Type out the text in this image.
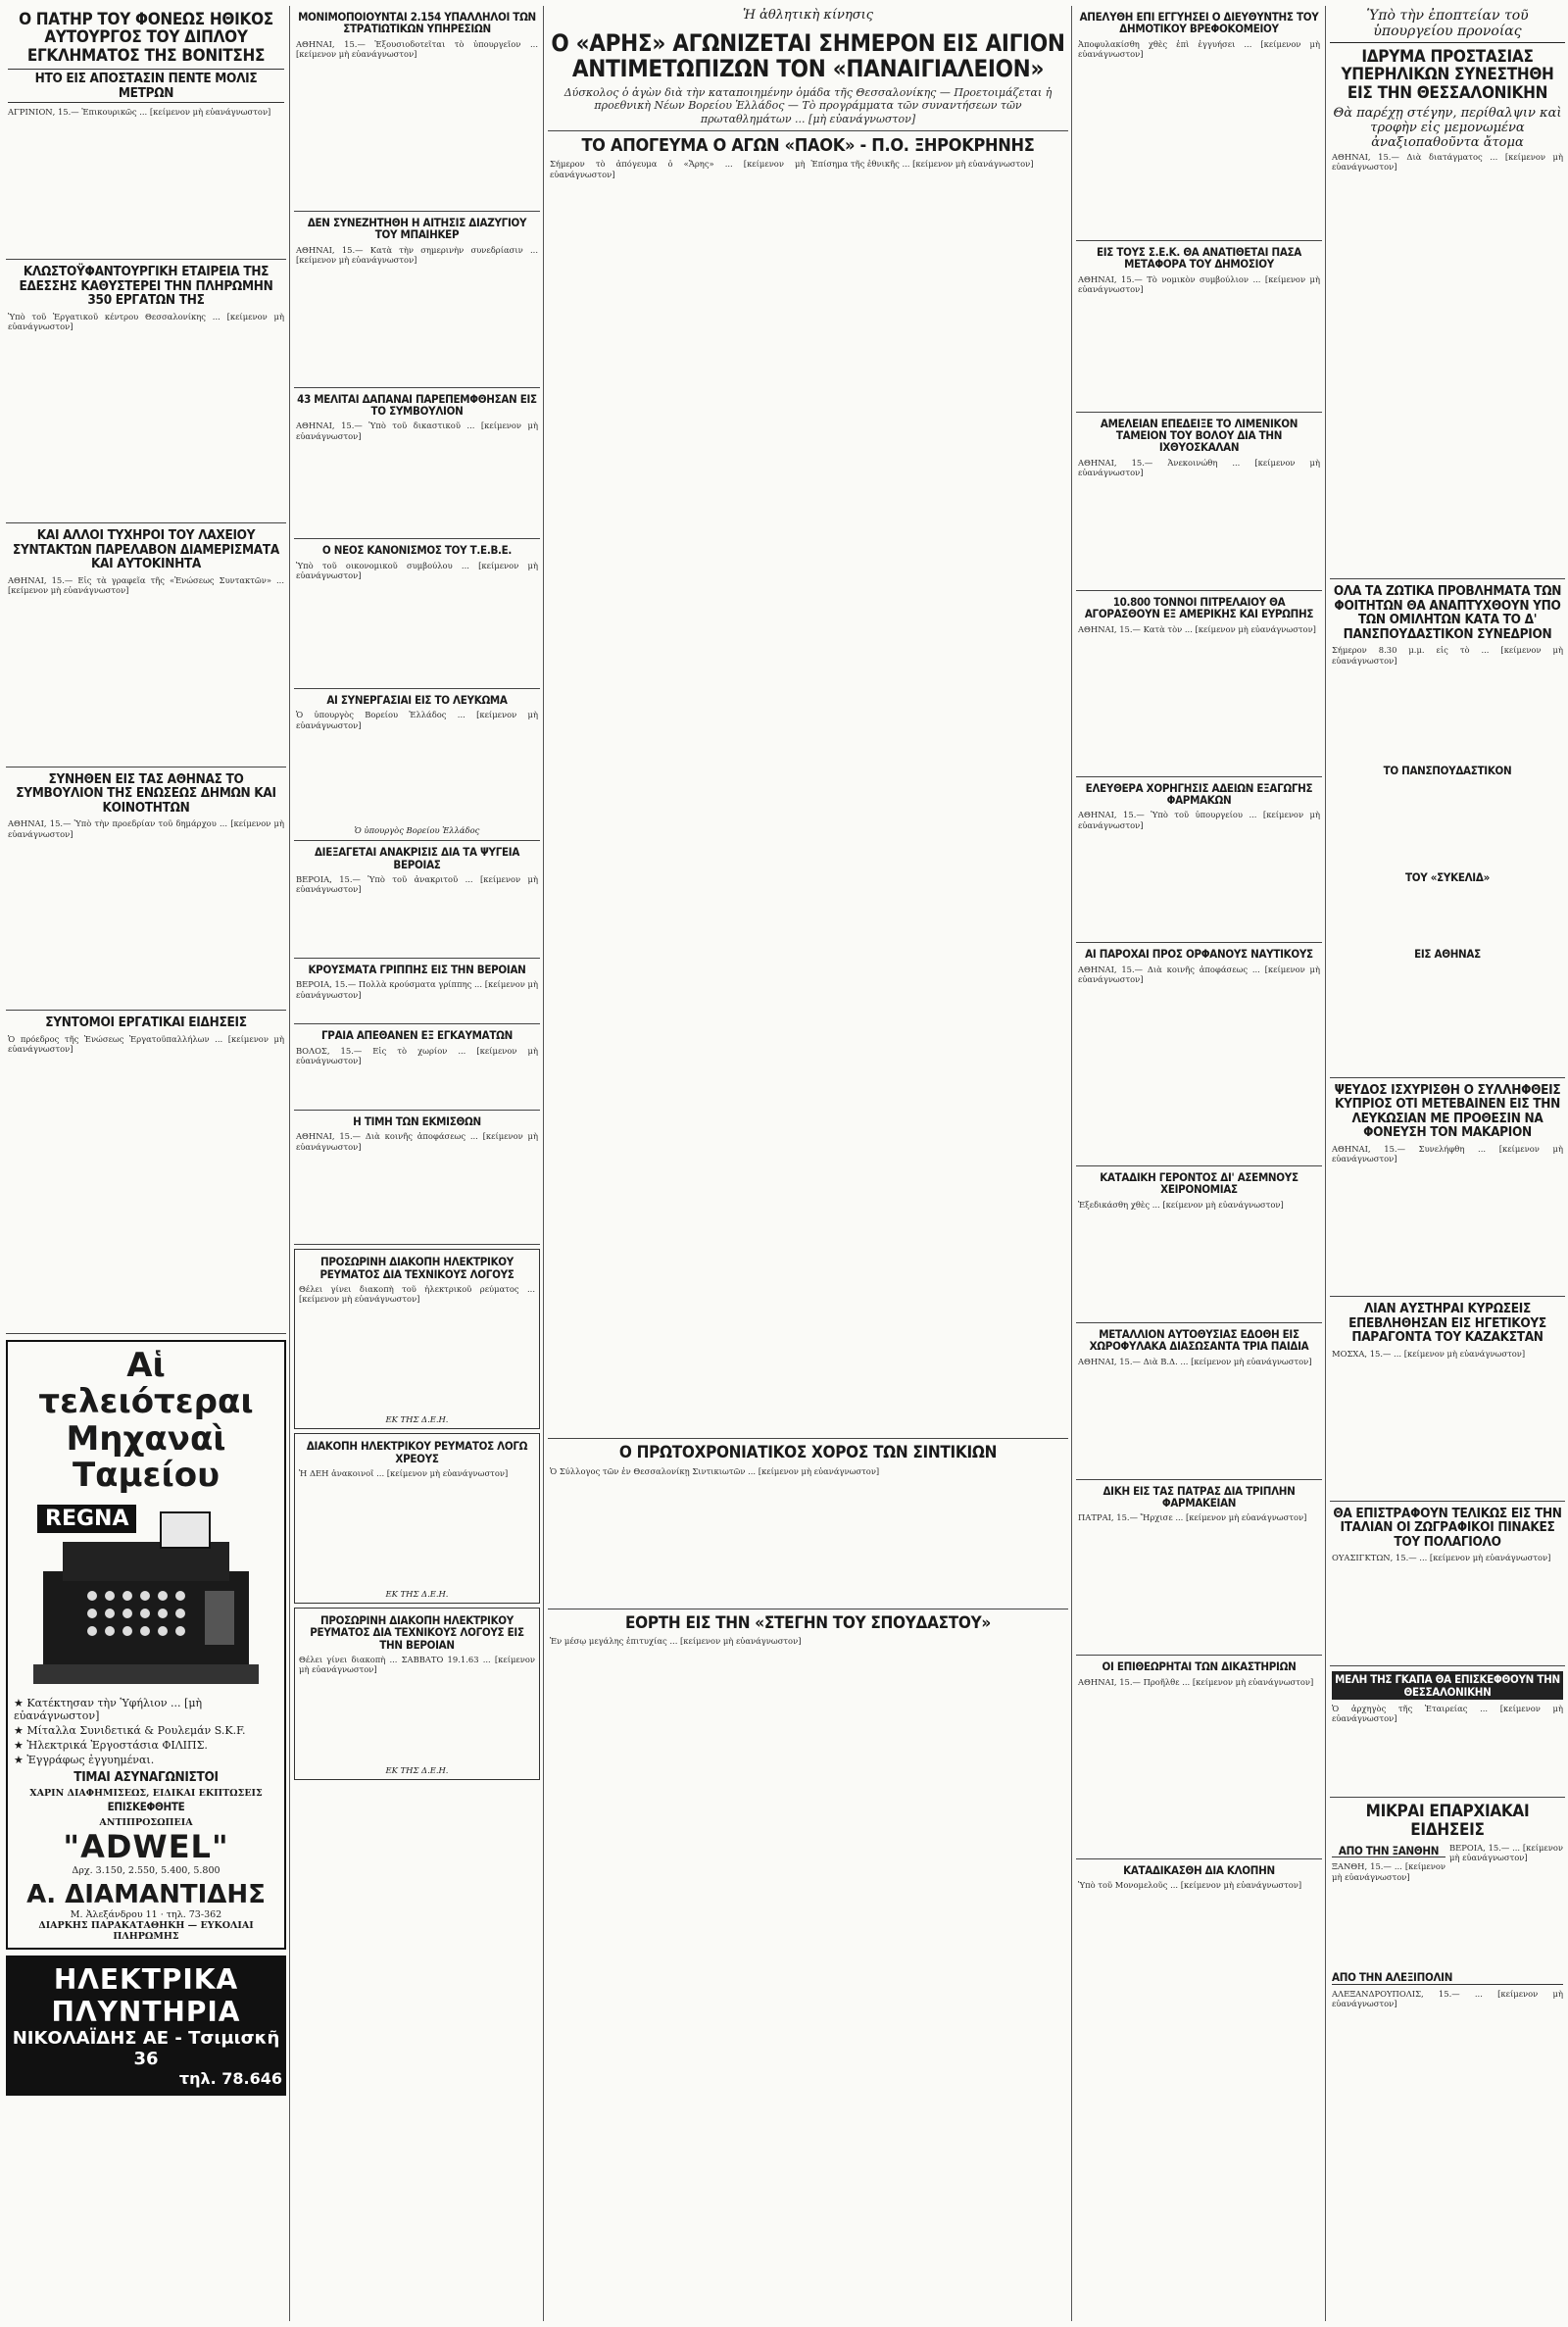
Ο ΠΑΤΗΡ ΤΟΥ ΦΟΝΕΩΣ ΗΘΙΚΟΣ ΑΥΤΟΥΡΓΟΣ ΤΟΥ ΔΙΠΛΟΥ ΕΓΚΛΗΜΑΤΟΣ ΤΗΣ ΒΟΝΙΤΣΗΣ
ΗΤΟ ΕΙΣ ΑΠΟΣΤΑΣΙΝ ΠΕΝΤΕ ΜΟΛΙΣ ΜΕΤΡΩΝ

ΑΓΡΙΝΙΟΝ, 15.— Ἐπικουρικῶς ... [κείμενον μὴ εὐανάγνωστον]

ΚΛΩΣΤΟΫΦΑΝΤΟΥΡΓΙΚΗ ΕΤΑΙΡΕΙΑ ΤΗΣ ΕΔΕΣΣΗΣ ΚΑΘΥΣΤΕΡΕΙ ΤΗΝ ΠΛΗΡΩΜΗΝ 350 ΕΡΓΑΤΩΝ ΤΗΣ

Ὑπὸ τοῦ Ἐργατικοῦ κέντρου Θεσσαλονίκης ... [κείμενον μὴ εὐανάγνωστον]

ΚΑΙ ΑΛΛΟΙ ΤΥΧΗΡΟΙ ΤΟΥ ΛΑΧΕΙΟΥ ΣΥΝΤΑΚΤΩΝ ΠΑΡΕΛΑΒΟΝ ΔΙΑΜΕΡΙΣΜΑΤΑ ΚΑΙ ΑΥΤΟΚΙΝΗΤΑ

ΑΘΗΝΑΙ, 15.— Εἰς τὰ γραφεῖα τῆς «Ἑνώσεως Συντακτῶν» ... [κείμενον μὴ εὐανάγνωστον]

ΣΥΝΗΘΕΝ ΕΙΣ ΤΑΣ ΑΘΗΝΑΣ ΤΟ ΣΥΜΒΟΥΛΙΟΝ ΤΗΣ ΕΝΩΣΕΩΣ ΔΗΜΩΝ ΚΑΙ ΚΟΙΝΟΤΗΤΩΝ

ΑΘΗΝΑΙ, 15.— Ὑπὸ τὴν προεδρίαν τοῦ δημάρχου ... [κείμενον μὴ εὐανάγνωστον]

ΣΥΝΤΟΜΟΙ ΕΡΓΑΤΙΚΑΙ ΕΙΔΗΣΕΙΣ

Ὁ πρόεδρος τῆς Ἑνώσεως Ἐργατοϋπαλλήλων ... [κείμενον μὴ εὐανάγνωστον]

Αἱ τελειότεραι Μηχαναὶ Ταμείου
REGNA
★ Κατέκτησαν τὴν Ὑφήλιον ... [μὴ εὐανάγνωστον]
★ Μίταλλα Συνιδετικά & Ρουλεμάν S.K.F.
★ Ἠλεκτρικά Ἐργοστάσια ΦΙΛΙΠΣ.
★ Ἐγγράφως ἐγγυημέναι.
ΤΙΜΑΙ ΑΣΥΝΑΓΩΝΙΣΤΟΙ
ΧΑΡΙΝ ΔΙΑΦΗΜΙΣΕΩΣ, ΕΙΔΙΚΑΙ ΕΚΠΤΩΣΕΙΣ
ΕΠΙΣΚΕΦΘΗΤΕ
ΑΝΤΙΠΡΟΣΩΠΕΙΑ
"ADWEL"
Δρχ. 3.150, 2.550, 5.400, 5.800
Α. ΔΙΑΜΑΝΤΙΔΗΣ
Μ. Ἀλεξάνδρου 11 · τηλ. 73-362
ΔΙΑΡΚΗΣ ΠΑΡΑΚΑΤΑΘΗΚΗ — ΕΥΚΟΛΙΑΙ ΠΛΗΡΩΜΗΣ
ΗΛΕΚΤΡΙΚΑ ΠΛΥΝΤΗΡΙΑ
ΝΙΚΟΛΑΪΔΗΣ ΑΕ - Τσιμισκῆ 36
τηλ. 78.646
ΜΟΝΙΜΟΠΟΙΟΥΝΤΑΙ 2.154 ΥΠΑΛΛΗΛΟΙ ΤΩΝ ΣΤΡΑΤΙΩΤΙΚΩΝ ΥΠΗΡΕΣΙΩΝ

ΑΘΗΝΑΙ, 15.— Ἐξουσιοδοτεῖται τὸ ὑπουργεῖον ... [κείμενον μὴ εὐανάγνωστον]

ΔΕΝ ΣΥΝΕΖΗΤΗΘΗ Η ΑΙΤΗΣΙΣ ΔΙΑΖΥΓΙΟΥ ΤΟΥ ΜΠΑΙΗΚΕΡ

ΑΘΗΝΑΙ, 15.— Κατὰ τὴν σημερινὴν συνεδρίασιν ... [κείμενον μὴ εὐανάγνωστον]

43 ΜΕΛΙΤΑΙ ΔΑΠΑΝΑΙ ΠΑΡΕΠΕΜΦΘΗΣΑΝ ΕΙΣ ΤΟ ΣΥΜΒΟΥΛΙΟΝ

ΑΘΗΝΑΙ, 15.— Ὑπὸ τοῦ δικαστικοῦ ... [κείμενον μὴ εὐανάγνωστον]

Ο ΝΕΟΣ ΚΑΝΟΝΙΣΜΟΣ ΤΟΥ Τ.Ε.Β.Ε.

Ὑπὸ τοῦ οικονομικοῦ συμβούλου ... [κείμενον μὴ εὐανάγνωστον]

ΑΙ ΣΥΝΕΡΓΑΣΙΑΙ ΕΙΣ ΤΟ ΛΕΥΚΩΜΑ

Ὁ ὑπουργὸς Βορείου Ἑλλάδος ... [κείμενον μὴ εὐανάγνωστον]

Ὁ ὑπουργὸς Βορείου Ἑλλάδος
ΔΙΕΞΑΓΕΤΑΙ ΑΝΑΚΡΙΣΙΣ ΔΙΑ ΤΑ ΨΥΓΕΙΑ ΒΕΡΟΙΑΣ

ΒΕΡΟΙΑ, 15.— Ὑπὸ τοῦ ἀνακριτοῦ ... [κείμενον μὴ εὐανάγνωστον]

ΚΡΟΥΣΜΑΤΑ ΓΡΙΠΠΗΣ ΕΙΣ ΤΗΝ ΒΕΡΟΙΑΝ

ΒΕΡΟΙΑ, 15.— Πολλὰ κρούσματα γρίππης ... [κείμενον μὴ εὐανάγνωστον]

ΓΡΑΙΑ ΑΠΕΘΑΝΕΝ ΕΞ ΕΓΚΑΥΜΑΤΩΝ

ΒΟΛΟΣ, 15.— Εἰς τὸ χωρίον ... [κείμενον μὴ εὐανάγνωστον]

Η ΤΙΜΗ ΤΩΝ ΕΚΜΙΣΘΩΝ

ΑΘΗΝΑΙ, 15.— Διὰ κοινῆς ἀποφάσεως ... [κείμενον μὴ εὐανάγνωστον]

ΠΡΟΣΩΡΙΝΗ ΔΙΑΚΟΠΗ ΗΛΕΚΤΡΙΚΟΥ ΡΕΥΜΑΤΟΣ ΔΙΑ ΤΕΧΝΙΚΟΥΣ ΛΟΓΟΥΣ

Θέλει γίνει διακοπὴ τοῦ ἠλεκτρικοῦ ρεύματος ... [κείμενον μὴ εὐανάγνωστον]

ΕΚ ΤΗΣ Δ.Ε.Η.
ΔΙΑΚΟΠΗ ΗΛΕΚΤΡΙΚΟΥ ΡΕΥΜΑΤΟΣ ΛΟΓΩ ΧΡΕΟΥΣ

Ἡ ΔΕΗ ἀνακοινοῖ ... [κείμενον μὴ εὐανάγνωστον]

ΕΚ ΤΗΣ Δ.Ε.Η.
ΠΡΟΣΩΡΙΝΗ ΔΙΑΚΟΠΗ ΗΛΕΚΤΡΙΚΟΥ ΡΕΥΜΑΤΟΣ ΔΙΑ ΤΕΧΝΙΚΟΥΣ ΛΟΓΟΥΣ ΕΙΣ ΤΗΝ ΒΕΡΟΙΑΝ

Θέλει γίνει διακοπὴ ... ΣΑΒΒΑΤΟ 19.1.63 ... [κείμενον μὴ εὐανάγνωστον]

ΕΚ ΤΗΣ Δ.Ε.Η.
Ἡ ἀθλητικὴ κίνησις
Ο «ΑΡΗΣ» ΑΓΩΝΙΖΕΤΑΙ ΣΗΜΕΡΟΝ ΕΙΣ ΑΙΓΙΟΝ ΑΝΤΙΜΕΤΩΠΙΖΩΝ ΤΟΝ «ΠΑΝΑΙΓΙΑΛΕΙΟΝ»

Δύσκολος ὁ ἀγὼν διὰ τὴν καταποιημένην ὁμάδα τῆς Θεσσαλονίκης — Προετοιμάζεται ἡ προεθνικὴ Νέων Βορείου Ἑλλάδος — Τὸ προγράμματα τῶν συναντήσεων τῶν πρωταθλημάτων ... [μὴ εὐανάγνωστον]

ΤΟ ΑΠΟΓΕΥΜΑ Ο ΑΓΩΝ «ΠΑΟΚ» - Π.Ο. ΞΗΡΟΚΡΗΝΗΣ

Σήμερον τὸ ἀπόγευμα ὁ «Ἄρης» ... [κείμενον μὴ εὐανάγνωστον]

Ἐπίσημα τῆς ἐθνικῆς ... [κείμενον μὴ εὐανάγνωστον]

Ο ΠΡΩΤΟΧΡΟΝΙΑΤΙΚΟΣ ΧΟΡΟΣ ΤΩΝ ΣΙΝΤΙΚΙΩΝ

Ὁ Σύλλογος τῶν ἐν Θεσσαλονίκῃ Σιντικιωτῶν ... [κείμενον μὴ εὐανάγνωστον]

ΕΟΡΤΗ ΕΙΣ ΤΗΝ «ΣΤΕΓΗΝ ΤΟΥ ΣΠΟΥΔΑΣΤΟΥ»

Ἐν μέσῳ μεγάλης ἐπιτυχίας ... [κείμενον μὴ εὐανάγνωστον]

ΑΠΕΛΥΘΗ ΕΠΙ ΕΓΓΥΗΣΕΙ Ο ΔΙΕΥΘΥΝΤΗΣ ΤΟΥ ΔΗΜΟΤΙΚΟΥ ΒΡΕΦΟΚΟΜΕΙΟΥ

Ἀποφυλακίσθη χθὲς ἐπὶ ἐγγυήσει ... [κείμενον μὴ εὐανάγνωστον]

ΕΙΣ ΤΟΥΣ Σ.Ε.Κ. ΘΑ ΑΝΑΤΙΘΕΤΑΙ ΠΑΣΑ ΜΕΤΑΦΟΡΑ ΤΟΥ ΔΗΜΟΣΙΟΥ

ΑΘΗΝΑΙ, 15.— Τὸ νομικὸν συμβούλιον ... [κείμενον μὴ εὐανάγνωστον]

ΑΜΕΛΕΙΑΝ ΕΠΕΔΕΙΞΕ ΤΟ ΛΙΜΕΝΙΚΟΝ ΤΑΜΕΙΟΝ ΤΟΥ ΒΟΛΟΥ ΔΙΑ ΤΗΝ ΙΧΘΥΟΣΚΑΛΑΝ

ΑΘΗΝΑΙ, 15.— Ἀνεκοινώθη ... [κείμενον μὴ εὐανάγνωστον]

10.800 ΤΟΝΝΟΙ ΠΙΤΡΕΛΑΙΟΥ ΘΑ ΑΓΟΡΑΣΘΟΥΝ ΕΞ ΑΜΕΡΙΚΗΣ ΚΑΙ ΕΥΡΩΠΗΣ

ΑΘΗΝΑΙ, 15.— Κατὰ τὸν ... [κείμενον μὴ εὐανάγνωστον]

ΕΛΕΥΘΕΡΑ ΧΟΡΗΓΗΣΙΣ ΑΔΕΙΩΝ ΕΞΑΓΩΓΗΣ ΦΑΡΜΑΚΩΝ

ΑΘΗΝΑΙ, 15.— Ὑπὸ τοῦ ὑπουργείου ... [κείμενον μὴ εὐανάγνωστον]

ΑΙ ΠΑΡΟΧΑΙ ΠΡΟΣ ΟΡΦΑΝΟΥΣ ΝΑΥΤΙΚΟΥΣ

ΑΘΗΝΑΙ, 15.— Διὰ κοινῆς ἀποφάσεως ... [κείμενον μὴ εὐανάγνωστον]

ΚΑΤΑΔΙΚΗ ΓΕΡΟΝΤΟΣ ΔΙ' ΑΣΕΜΝΟΥΣ ΧΕΙΡΟΝΟΜΙΑΣ

Ἐξεδικάσθη χθὲς ... [κείμενον μὴ εὐανάγνωστον]

ΜΕΤΑΛΛΙΟΝ ΑΥΤΟΘΥΣΙΑΣ ΕΔΟΘΗ ΕΙΣ ΧΩΡΟΦΥΛΑΚΑ ΔΙΑΣΩΣΑΝΤΑ ΤΡΙΑ ΠΑΙΔΙΑ

ΑΘΗΝΑΙ, 15.— Διὰ Β.Δ. ... [κείμενον μὴ εὐανάγνωστον]

ΔΙΚΗ ΕΙΣ ΤΑΣ ΠΑΤΡΑΣ ΔΙΑ ΤΡΙΠΛΗΝ ΦΑΡΜΑΚΕΙΑΝ

ΠΑΤΡΑΙ, 15.— Ἤρχισε ... [κείμενον μὴ εὐανάγνωστον]

ΟΙ ΕΠΙΘΕΩΡΗΤΑΙ ΤΩΝ ΔΙΚΑΣΤΗΡΙΩΝ

ΑΘΗΝΑΙ, 15.— Προῆλθε ... [κείμενον μὴ εὐανάγνωστον]

ΚΑΤΑΔΙΚΑΣΘΗ ΔΙΑ ΚΛΟΠΗΝ

Ὑπὸ τοῦ Μονομελοῦς ... [κείμενον μὴ εὐανάγνωστον]

Ὑπὸ τὴν ἐποπτείαν τοῦ ὑπουργείου προνοίας
ΙΔΡΥΜΑ ΠΡΟΣΤΑΣΙΑΣ ΥΠΕΡΗΛΙΚΩΝ ΣΥΝΕΣΤΗΘΗ ΕΙΣ ΤΗΝ ΘΕΣΣΑΛΟΝΙΚΗΝ
Θὰ παρέχῃ στέγην, περίθαλψιν καὶ τροφὴν εἰς μεμονωμένα ἀναξιοπαθοῦντα ἄτομα

ΑΘΗΝΑΙ, 15.— Διὰ διατάγματος ... [κείμενον μὴ εὐανάγνωστον]

ΟΛΑ ΤΑ ΖΩΤΙΚΑ ΠΡΟΒΛΗΜΑΤΑ ΤΩΝ ΦΟΙΤΗΤΩΝ ΘΑ ΑΝΑΠΤΥΧΘΟΥΝ ΥΠΟ ΤΩΝ ΟΜΙΛΗΤΩΝ ΚΑΤΑ ΤΟ Δ' ΠΑΝΣΠΟΥΔΑΣΤΙΚΟΝ ΣΥΝΕΔΡΙΟΝ

Σήμερον 8.30 μ.μ. εἰς τὸ ... [κείμενον μὴ εὐανάγνωστον]

ΤΟ ΠΑΝΣΠΟΥΔΑΣΤΙΚΟΝ

ΤΟΥ «ΣΥΚΕΛΙΔ»

ΕΙΣ ΑΘΗΝΑΣ

ΨΕΥΔΟΣ ΙΣΧΥΡΙΣΘΗ Ο ΣΥΛΛΗΦΘΕΙΣ ΚΥΠΡΙΟΣ ΟΤΙ ΜΕΤΕΒΑΙΝΕΝ ΕΙΣ ΤΗΝ ΛΕΥΚΩΣΙΑΝ ΜΕ ΠΡΟΘΕΣΙΝ ΝΑ ΦΟΝΕΥΣΗ ΤΟΝ ΜΑΚΑΡΙΟΝ

ΑΘΗΝΑΙ, 15.— Συνελήφθη ... [κείμενον μὴ εὐανάγνωστον]

ΛΙΑΝ ΑΥΣΤΗΡΑΙ ΚΥΡΩΣΕΙΣ ΕΠΕΒΛΗΘΗΣΑΝ ΕΙΣ ΗΓΕΤΙΚΟΥΣ ΠΑΡΑΓΟΝΤΑ ΤΟΥ ΚΑΖΑΚΣΤΑΝ

ΜΟΣΧΑ, 15.— ... [κείμενον μὴ εὐανάγνωστον]

ΘΑ ΕΠΙΣΤΡΑΦΟΥΝ ΤΕΛΙΚΩΣ ΕΙΣ ΤΗΝ ΙΤΑΛΙΑΝ ΟΙ ΖΩΓΡΑΦΙΚΟΙ ΠΙΝΑΚΕΣ ΤΟΥ ΠΟΛΑΓΙΟΛΟ

ΟΥΑΣΙΓΚΤΩΝ, 15.— ... [κείμενον μὴ εὐανάγνωστον]

ΜΕΛΗ ΤΗΣ ΓΚΑΠΑ ΘΑ ΕΠΙΣΚΕΦΘΟΥΝ ΤΗΝ ΘΕΣΣΑΛΟΝΙΚΗΝ

Ὁ ἀρχηγὸς τῆς Ἑταιρείας ... [κείμενον μὴ εὐανάγνωστον]

ΜΙΚΡΑΙ ΕΠΑΡΧΙΑΚΑΙ ΕΙΔΗΣΕΙΣ
ΑΠΟ ΤΗΝ ΞΑΝΘΗΝ

ΞΑΝΘΗ, 15.— ... [κείμενον μὴ εὐανάγνωστον]

ΒΕΡΟΙΑ, 15.— ... [κείμενον μὴ εὐανάγνωστον]

ΑΠΟ ΤΗΝ ΑΛΕΞΙΠΟΛΙΝ

ΑΛΕΞΑΝΔΡΟΥΠΟΛΙΣ, 15.— ... [κείμενον μὴ εὐανάγνωστον]
